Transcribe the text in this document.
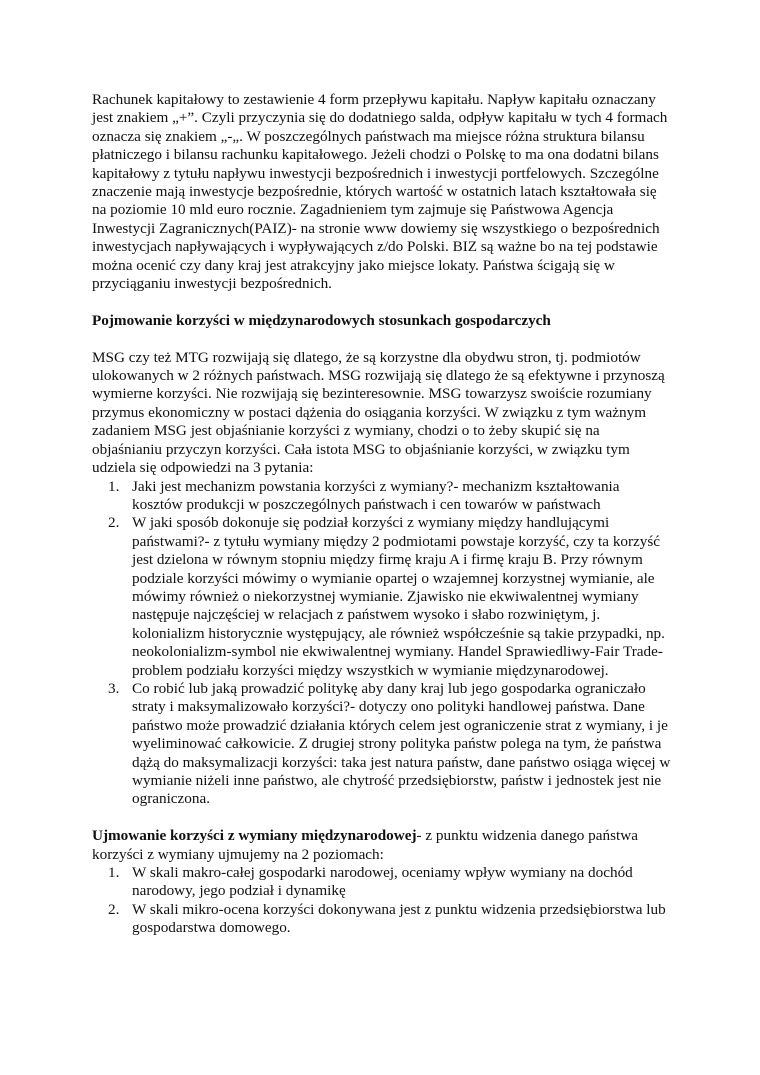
Rachunek kapitałowy to zestawienie 4 form przepływu kapitału. Napływ kapitału oznaczany jest znakiem „+”. Czyli przyczynia się do dodatniego salda, odpływ kapitału w tych 4 formach oznacza się znakiem „-„. W poszczególnych państwach ma miejsce różna struktura bilansu płatniczego i bilansu rachunku kapitałowego. Jeżeli chodzi o Polskę to ma ona dodatni bilans kapitałowy z tytułu napływu inwestycji bezpośrednich i inwestycji portfelowych. Szczególne znaczenie mają inwestycje bezpośrednie, których wartość w ostatnich latach kształtowała się na poziomie 10 mld euro rocznie. Zagadnieniem tym zajmuje się Państwowa Agencja Inwestycji Zagranicznych(PAIZ)- na stronie www dowiemy się wszystkiego o bezpośrednich inwestycjach napływających i wypływających z/do Polski. BIZ są ważne bo na tej podstawie można ocenić czy dany kraj jest atrakcyjny jako miejsce lokaty. Państwa ścigają się w przyciąganiu inwestycji bezpośrednich.

Pojmowanie korzyści w międzynarodowych stosunkach gospodarczych

MSG czy też MTG rozwijają się dlatego, że są korzystne dla obydwu stron, tj. podmiotów ulokowanych w 2 różnych państwach. MSG rozwijają się dlatego że są efektywne i przynoszą wymierne korzyści. Nie rozwijają się bezinteresownie. MSG towarzysz swoiście rozumiany przymus ekonomiczny w postaci dążenia do osiągania korzyści. W związku z tym ważnym zadaniem MSG jest objaśnianie korzyści z wymiany, chodzi o to żeby skupić się na objaśnianiu przyczyn korzyści. Cała istota MSG to objaśnianie korzyści, w związku tym udziela się odpowiedzi na 3 pytania:

1. Jaki jest mechanizm powstania korzyści z wymiany?- mechanizm kształtowania kosztów produkcji w poszczególnych państwach i cen towarów w państwach
2. W jaki sposób dokonuje się podział korzyści z wymiany między handlującymi państwami?- z tytułu wymiany między 2 podmiotami powstaje korzyść, czy ta korzyść jest dzielona w równym stopniu między firmę kraju A i firmę kraju B. Przy równym podziale korzyści mówimy o wymianie opartej o wzajemnej korzystnej wymianie, ale mówimy również o niekorzystnej wymianie. Zjawisko nie ekwiwalentnej wymiany następuje najczęściej w relacjach z państwem wysoko i słabo rozwiniętym, j. kolonializm historycznie występujący, ale również współcześnie są takie przypadki, np. neokolonializm-symbol nie ekwiwalentnej wymiany. Handel Sprawiedliwy-Fair Trade-problem podziału korzyści między wszystkich w wymianie międzynarodowej.
3. Co robić lub jaką prowadzić politykę aby dany kraj lub jego gospodarka ograniczało straty i maksymalizowało korzyści?- dotyczy ono polityki handlowej państwa. Dane państwo może prowadzić działania których celem jest ograniczenie strat z wymiany, i je wyeliminować całkowicie. Z drugiej strony polityka państw polega na tym, że państwa dążą do maksymalizacji korzyści: taka jest natura państw, dane państwo osiąga więcej w wymianie niżeli inne państwo, ale chytrość przedsiębiorstw, państw i jednostek jest nie ograniczona.

Ujmowanie korzyści z wymiany międzynarodowej- z punktu widzenia danego państwa korzyści z wymiany ujmujemy na 2 poziomach:

1. W skali makro-całej gospodarki narodowej, oceniamy wpływ wymiany na dochód narodowy, jego podział i dynamikę
2. W skali mikro-ocena korzyści dokonywana jest z punktu widzenia przedsiębiorstwa lub gospodarstwa domowego.
